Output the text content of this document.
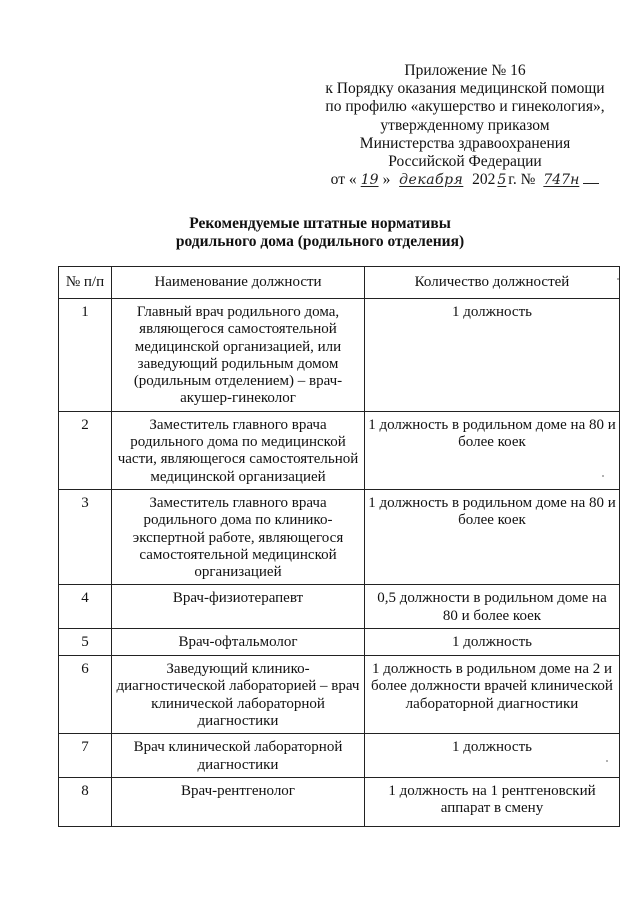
Приложение № 16
к Порядку оказания медицинской помощи
по профилю «акушерство и гинекология»,
утвержденному приказом
Министерства здравоохранения
Российской Федерации
от « 19 » декабря 202 5 г. № 747н
Рекомендуемые штатные нормативы
родильного дома (родильного отделения)
№ п/п	Наименование должности	Количество должностей
1	Главный врач родильного дома, являющегося самостоятельной медицинской организацией, или заведующий родильным домом (родильным отделением) – врач-акушер-гинеколог	1 должность
2	Заместитель главного врача родильного дома по медицинской части, являющегося самостоятельной медицинской организацией	1 должность в родильном доме на 80 и более коек
3	Заместитель главного врача родильного дома по клинико-экспертной работе, являющегося самостоятельной медицинской организацией	1 должность в родильном доме на 80 и более коек
4	Врач-физиотерапевт	0,5 должности в родильном доме на 80 и более коек
5	Врач-офтальмолог	1 должность
6	Заведующий клинико-диагностической лабораторией – врач клинической лабораторной диагностики	1 должность в родильном доме на 2 и более должности врачей клинической лабораторной диагностики
7	Врач клинической лабораторной диагностики	1 должность
8	Врач-рентгенолог	1 должность на 1 рентгеновский аппарат в смену
